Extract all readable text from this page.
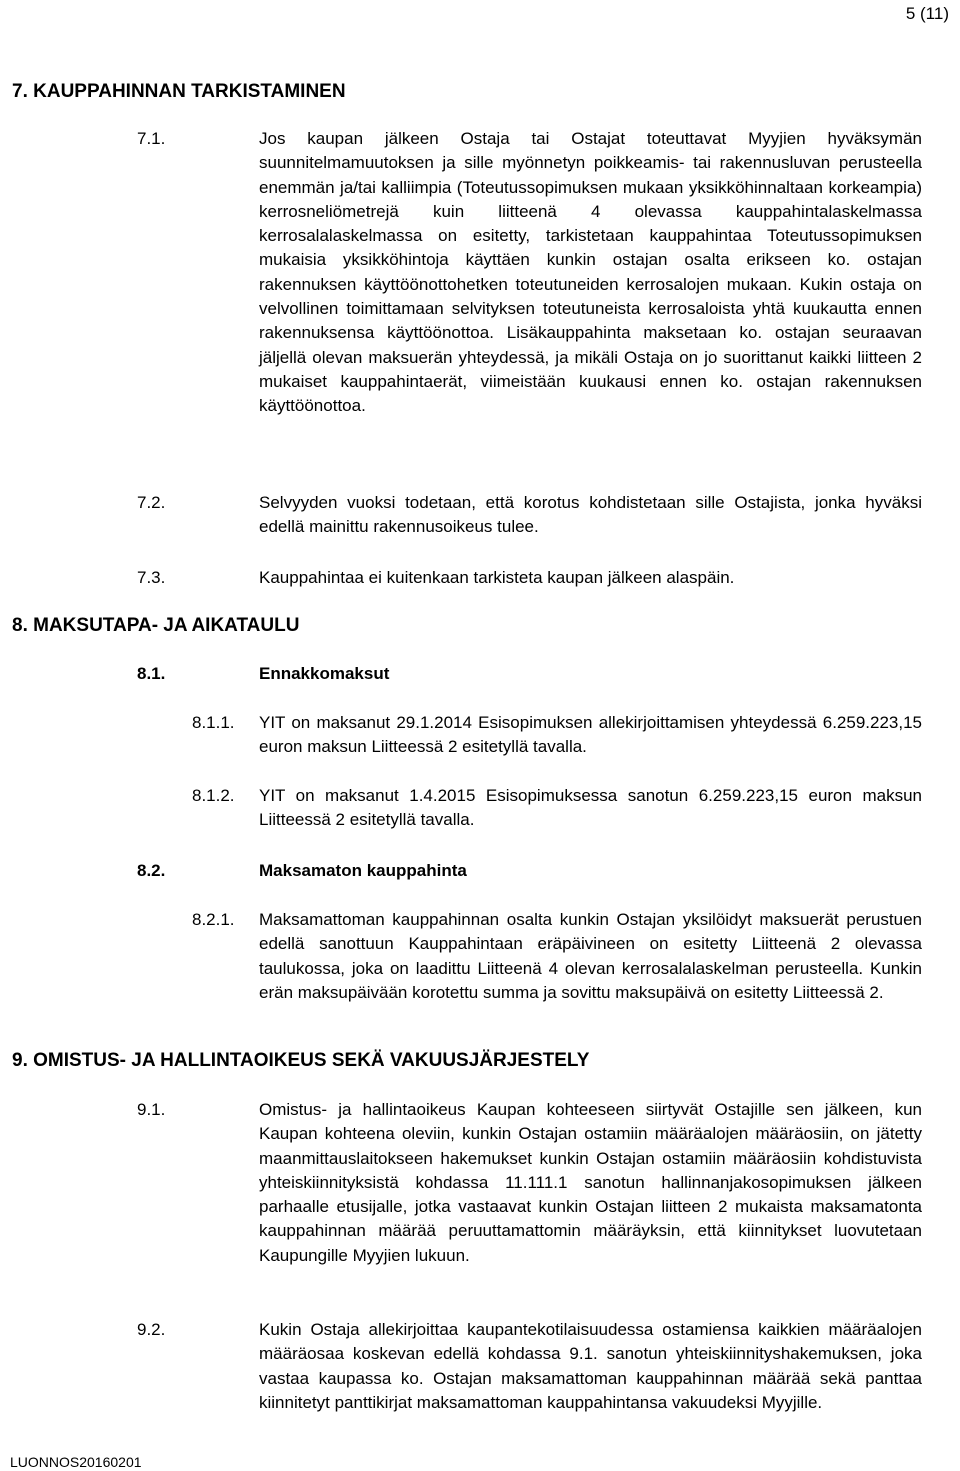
5 (11)
7. KAUPPAHINNAN TARKISTAMINEN
7.1.	Jos kaupan jälkeen Ostaja tai Ostajat toteuttavat Myyjien hyväksymän suunnitelmamuutoksen ja sille myönnetyn poikkeamis- tai rakennusluvan perusteella enemmän ja/tai kalliimpia (Toteutussopimuksen mukaan yksikköhinnaltaan korkeampia) kerrosneliömetrejä kuin liitteenä 4 olevassa kauppahintalaskelmassa kerrosalalaskelmassa on esitetty, tarkistetaan kauppahintaa Toteutussopimuksen mukaisia yksikköhintoja käyttäen kunkin ostajan osalta erikseen ko. ostajan rakennuksen käyttöönottohetken toteutuneiden kerrosalojen mukaan. Kukin ostaja on velvollinen toimittamaan selvityksen toteutuneista kerrosaloista yhtä kuukautta ennen rakennuksensa käyttöönottoa. Lisäkauppahinta maksetaan ko. ostajan seuraavan jäljellä olevan maksuerän yhteydessä, ja mikäli Ostaja on jo suorittanut kaikki liitteen 2 mukaiset kauppahintaerät, viimeistään kuukausi ennen ko. ostajan rakennuksen käyttöönottoa.

7.2.	Selvyyden vuoksi todetaan, että korotus kohdistetaan sille Ostajista, jonka hyväksi edellä mainittu rakennusoikeus tulee.

7.3.	Kauppahintaa ei kuitenkaan tarkisteta kaupan jälkeen alaspäin.

8. MAKSUTAPA- JA AIKATAULU
8.1.	Ennakkomaksut
8.1.1. YIT on maksanut 29.1.2014 Esisopimuksen allekirjoittamisen yhteydessä 6.259.223,15 euron maksun Liitteessä 2 esitetyllä tavalla.

8.1.2. YIT on maksanut 1.4.2015 Esisopimuksessa sanotun 6.259.223,15 euron maksun Liitteessä 2 esitetyllä tavalla.

8.2.	Maksamaton kauppahinta
8.2.1. Maksamattoman kauppahinnan osalta kunkin Ostajan yksilöidyt maksuerät perustuen edellä sanottuun Kauppahintaan eräpäivineen on esitetty Liitteenä 2 olevassa taulukossa, joka on laadittu Liitteenä 4 olevan kerrosalalaskelman perusteella. Kunkin erän maksupäivään korotettu summa ja sovittu maksupäivä on esitetty Liitteessä 2.

9. OMISTUS- JA HALLINTAOIKEUS SEKÄ VAKUUSJÄRJESTELY
9.1.	Omistus- ja hallintaoikeus Kaupan kohteeseen siirtyvät Ostajille sen jälkeen, kun Kaupan kohteena oleviin, kunkin Ostajan ostamiin määräalojen määräosiin, on jätetty maanmittauslaitokseen hakemukset kunkin Ostajan ostamiin määräosiin kohdistuvista yhteiskiinnityksistä kohdassa 11.111.1 sanotun hallinnanjakosopimuksen jälkeen parhaalle etusijalle, jotka vastaavat kunkin Ostajan liitteen 2 mukaista maksamatonta kauppahinnan määrää peruuttamattomin määräyksin, että kiinnitykset luovutetaan Kaupungille Myyjien lukuun.

9.2.	Kukin Ostaja allekirjoittaa kaupantekotilaisuudessa ostamiensa kaikkien määräalojen määräosaa koskevan edellä kohdassa 9.1. sanotun yhteiskiinnityshakemuksen, joka vastaa kaupassa ko. Ostajan maksamattoman kauppahinnan määrää sekä panttaa kiinnitetyt panttikirjat maksamattoman kauppahintansa vakuudeksi Myyjille.

LUONNOS20160201
